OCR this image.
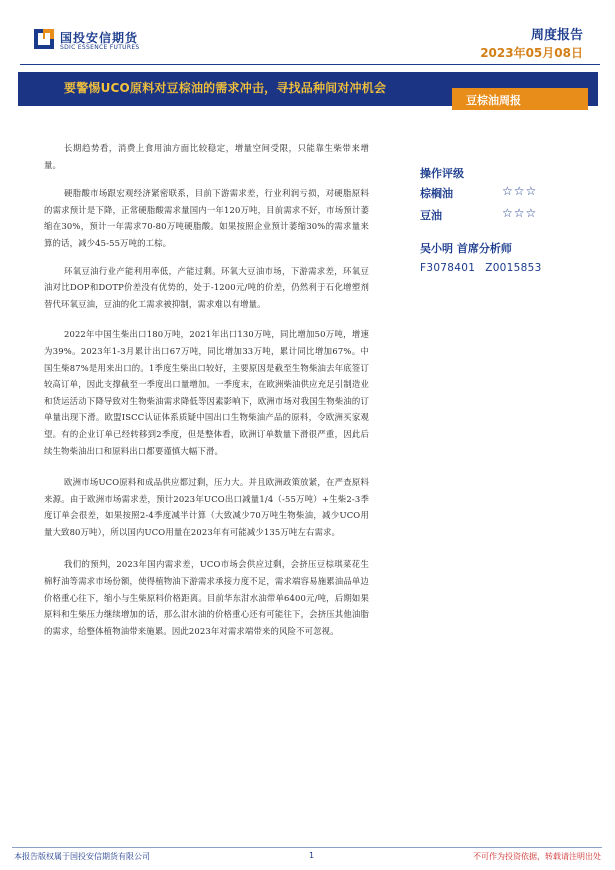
国投安信期货
SDIC ESSENCE FUTURES
周度报告
2023年05月08日
要警惕UCO原料对豆棕油的需求冲击，寻找品种间对冲机会
豆棕油周报

长期趋势看，消费上食用油方面比较稳定，增量空间受限，只能靠生柴带来增量。

硬脂酸市场跟宏观经济紧密联系，目前下游需求差，行业利润亏损，对硬脂原料的需求预计是下降，正常硬脂酸需求量国内一年120万吨，目前需求不好，市场预计萎缩在30%，预计一年需求70-80万吨硬脂酸。如果按照企业预计萎缩30%的需求量来算的话，减少45-55万吨的工棕。

环氧豆油行业产能利用率低，产能过剩。环氧大豆油市场，下游需求差，环氧豆油对比DOP和DOTP价差没有优势的，处于-1200元/吨的价差，仍然利于石化增塑剂替代环氧豆油，豆油的化工需求被抑制，需求难以有增量。

2022年中国生柴出口180万吨，2021年出口130万吨，同比增加50万吨，增速为39%。2023年1-3月累计出口67万吨，同比增加33万吨，累计同比增加67%。中国生柴87%是用来出口的。1季度生柴出口较好，主要原因是截至生物柴油去年底签订较高订单，因此支撑截至一季度出口量增加。一季度末，在欧洲柴油供应充足引制造业和货运活动下降导致对生物柴油需求降低等因素影响下，欧洲市场对我国生物柴油的订单量出现下滑。欧盟ISCC认证体系质疑中国出口生物柴油产品的原料，令欧洲买家观望。有的企业订单已经转移到2季度，但是整体看，欧洲订单数量下滑很严重，因此后续生物柴油出口和原料出口都要谨慎大幅下滑。

欧洲市场UCO原料和成品供应都过剩，压力大。并且欧洲政策放紧，在严查原料来源。由于欧洲市场需求差，预计2023年UCO出口减量1/4（-55万吨）+生柴2-3季度订单会很差，如果按照2-4季度减半计算（大致减少70万吨生物柴油，减少UCO用量大致80万吨），所以国内UCO用量在2023年有可能减少135万吨左右需求。

我们的预判，2023年国内需求差，UCO市场会供应过剩，会挤压豆棕琪菜花生棉籽油等需求市场份额，使得植物油下游需求承接力度不足，需求端容易施累油品单边价格重心往下，缩小与生柴原料价格距离。目前华东泔水油带单6400元/吨，后期如果原料和生柴压力继续增加的话，那么泔水油的价格重心还有可能往下，会挤压其他油脂的需求，给整体植物油带来施累。因此2023年对需求端带来的风险不可忽视。

操作评级
棕榈油	☆☆☆
豆油	☆☆☆
吴小明 首席分析师
F3078401 Z0015853
本报告版权属于国投安信期货有限公司	1	不可作为投资依据，转载请注明出处
